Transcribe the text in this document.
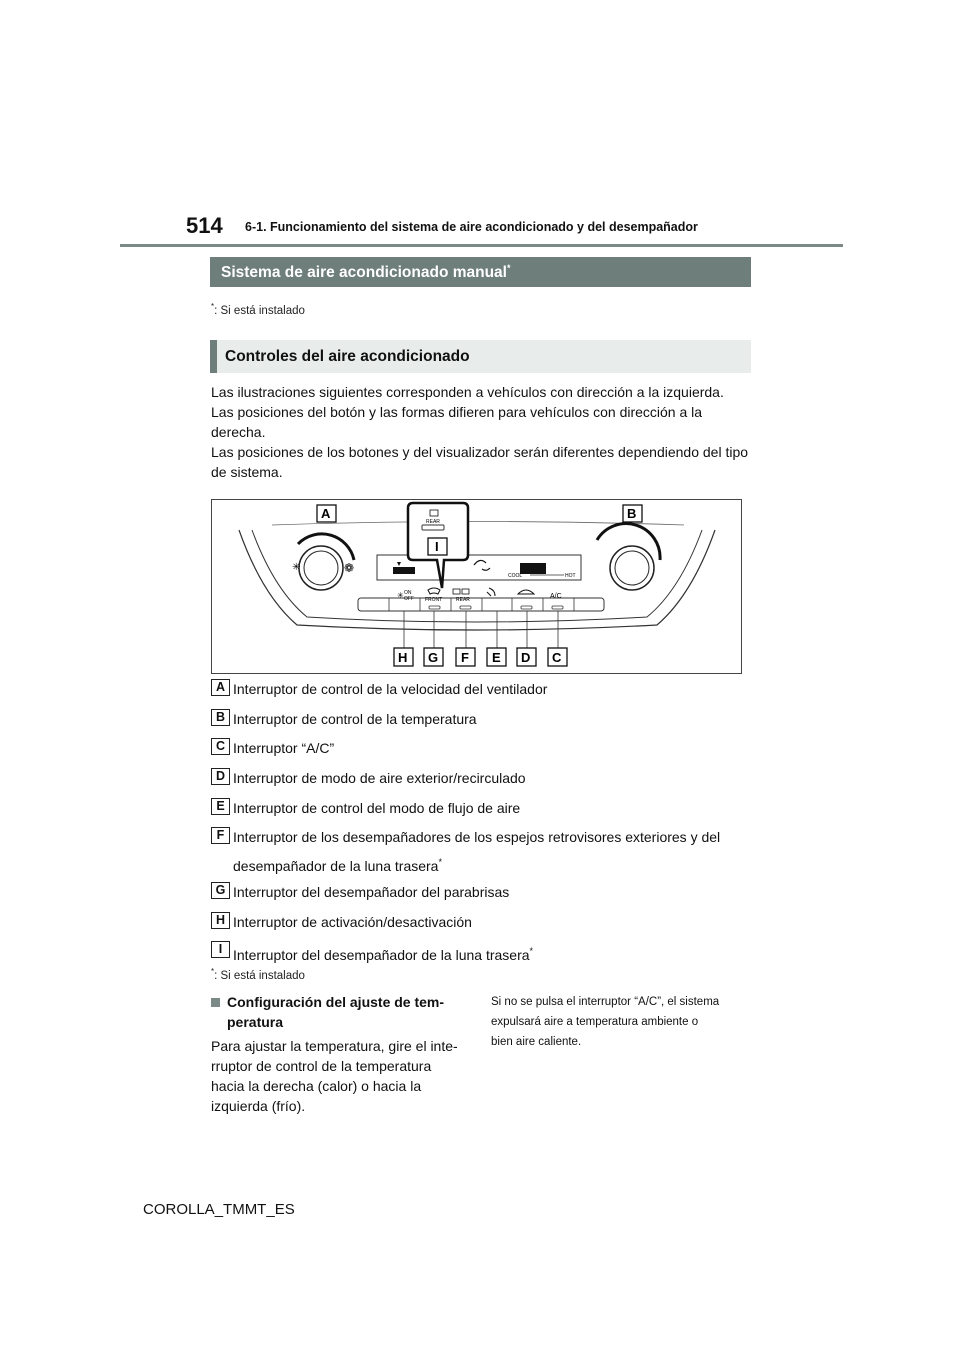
514 6-1. Funcionamiento del sistema de aire acondicionado y del desempañador
Sistema de aire acondicionado manual*
*: Si está instalado
Controles del aire acondicionado

Las ilustraciones siguientes corresponden a vehículos con dirección a la izquierda.

Las posiciones del botón y las formas difieren para vehículos con dirección a la derecha.

Las posiciones de los botones y del visualizador serán diferentes dependiendo del tipo de sistema.

✳	❁
COOL	HOT
✳ ON
OFF FRONT	REAR	A/C
REAR
A	B
I
H G F E D C
A Interruptor de control de la velocidad del ventilador
B Interruptor de control de la temperatura
C Interruptor “A/C”
D Interruptor de modo de aire exterior/recirculado
E Interruptor de control del modo de flujo de aire
F Interruptor de los desempañadores de los espejos retrovisores exteriores y del
desempañador de la luna trasera*
G Interruptor del desempañador del parabrisas
H Interruptor de activación/desactivación
I Interruptor del desempañador de la luna trasera*
*: Si está instalado
Configuración del ajuste de tem-
peratura
Para ajustar la temperatura, gire el inte-
rruptor de control de la temperatura
hacia la derecha (calor) o hacia la
izquierda (frío).
Si no se pulsa el interruptor “A/C”, el sistema
expulsará aire a temperatura ambiente o
bien aire caliente.
COROLLA_TMMT_ES
